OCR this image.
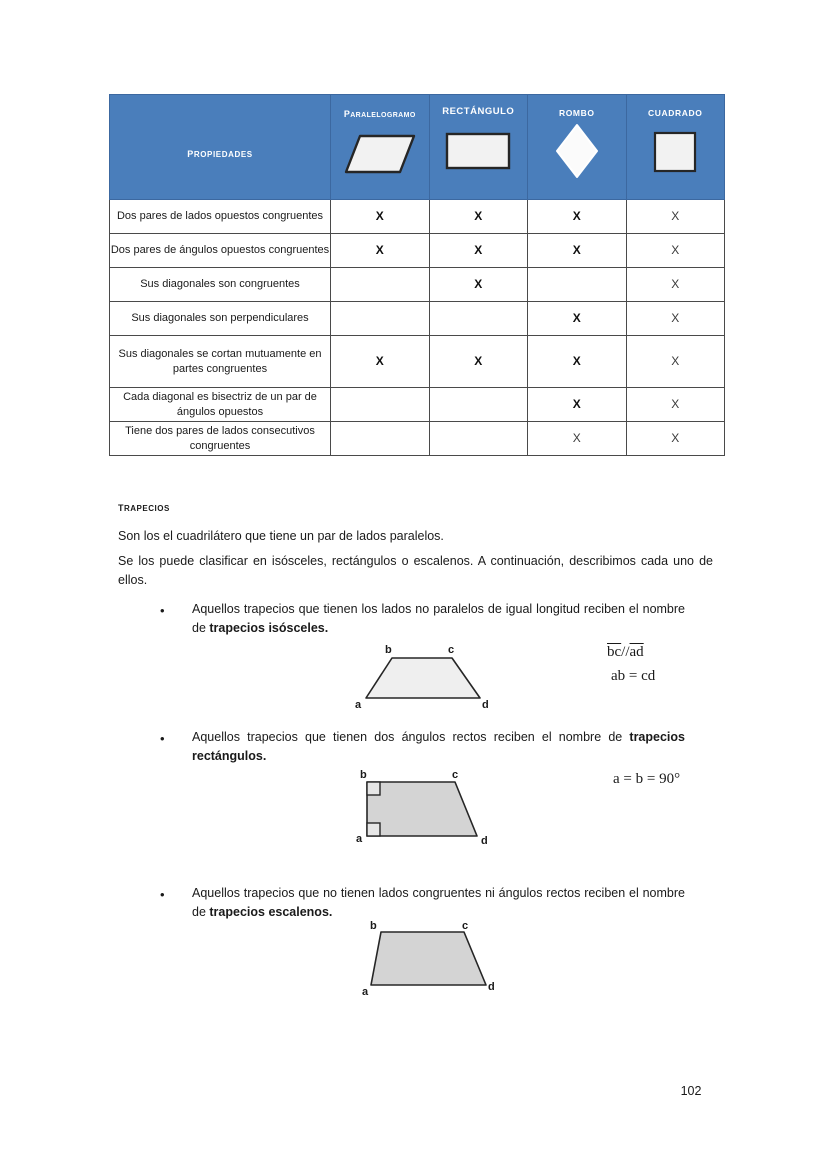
propiedades	paralelogramo	RECTÁNGULO	ROMBO	CUADRADO

Dos pares de lados opuestos congruentes	X	X	X	X
Dos pares de ángulos opuestos congruentes	X	X	X	X
Sus diagonales son congruentes		X		X
Sus diagonales son perpendiculares			X	X
Sus diagonales se cortan mutuamente en partes congruentes	X	X	X	X
Cada diagonal es bisectriz de un par de ángulos opuestos			X	X
Tiene dos pares de lados consecutivos congruentes			X	X
trapecios
Son los el cuadrilátero que tiene un par de lados paralelos.
Se los puede clasificar en isósceles, rectángulos o escalenos. A continuación, describimos cada uno de ellos.
• Aquellos trapecios que tienen los lados no paralelos de igual longitud reciben el nombre de trapecios isósceles.
b	c
a	d
$\overline{bc}//\overline{ad}$
ab = cd
• Aquellos trapecios que tienen dos ángulos rectos reciben el nombre de trapecios rectángulos.
b	c
a	d
a = b = 90°
• Aquellos trapecios que no tienen lados congruentes ni ángulos rectos reciben el nombre de trapecios escalenos.
b	c
a	d
102
